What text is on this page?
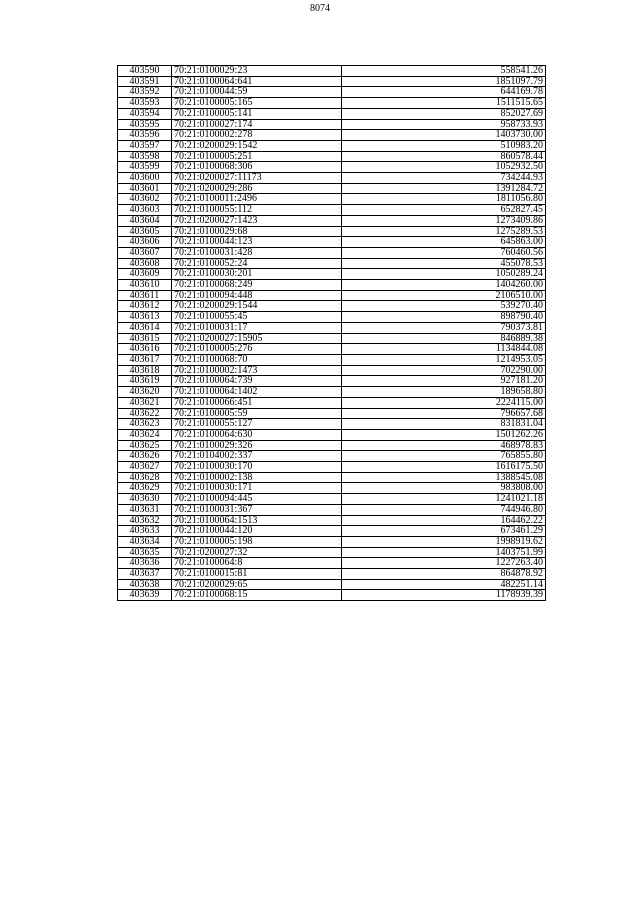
8074
403590	70:21:0100029:23	558541.26
403591	70:21:0100064:641	1851097.79
403592	70:21:0100044:59	644169.78
403593	70:21:0100005:165	1511515.65
403594	70:21:0100005:141	852027.69
403595	70:21:0100027:174	958733.93
403596	70:21:0100002:278	1403730.00
403597	70:21:0200029:1542	510983.20
403598	70:21:0100005:251	860578.44
403599	70:21:0100068:306	1052932.50
403600	70:21:0200027:11173	734244.93
403601	70:21:0200029:286	1391284.72
403602	70:21:0100011:2496	1811056.80
403603	70:21:0100055:112	652827.45
403604	70:21:0200027:1423	1273409.86
403605	70:21:0100029:68	1275289.53
403606	70:21:0100044:123	645863.00
403607	70:21:0100031:428	760460.56
403608	70:21:0100052:24	455078.53
403609	70:21:0100030:201	1050289.24
403610	70:21:0100068:249	1404260.00
403611	70:21:0100094:448	2106510.00
403612	70:21:0200029:1544	539270.40
403613	70:21:0100055:45	898790.40
403614	70:21:0100031:17	790373.81
403615	70:21:0200027:15905	846889.38
403616	70:21:0100005:276	1134844.08
403617	70:21:0100068:70	1214953.05
403618	70:21:0100002:1473	702290.00
403619	70:21:0100064:739	927181.20
403620	70:21:0100064:1402	189658.80
403621	70:21:0100066:451	2224115.00
403622	70:21:0100005:59	796657.68
403623	70:21:0100055:127	831831.04
403624	70:21:0100064:630	1501262.26
403625	70:21:0100029:326	468978.83
403626	70:21:0104002:337	765855.80
403627	70:21:0100030:170	1616175.50
403628	70:21:0100002:138	1388545.08
403629	70:21:0100030:171	983808.00
403630	70:21:0100094:445	1241021.18
403631	70:21:0100031:367	744946.80
403632	70:21:0100064:1513	164462.22
403633	70:21:0100044:120	673461.29
403634	70:21:0100005:198	1998919.62
403635	70:21:0200027:32	1403751.99
403636	70:21:0100064:8	1227263.40
403637	70:21:0100015:81	864878.92
403638	70:21:0200029:65	482251.14
403639	70:21:0100068:15	1178939.39
